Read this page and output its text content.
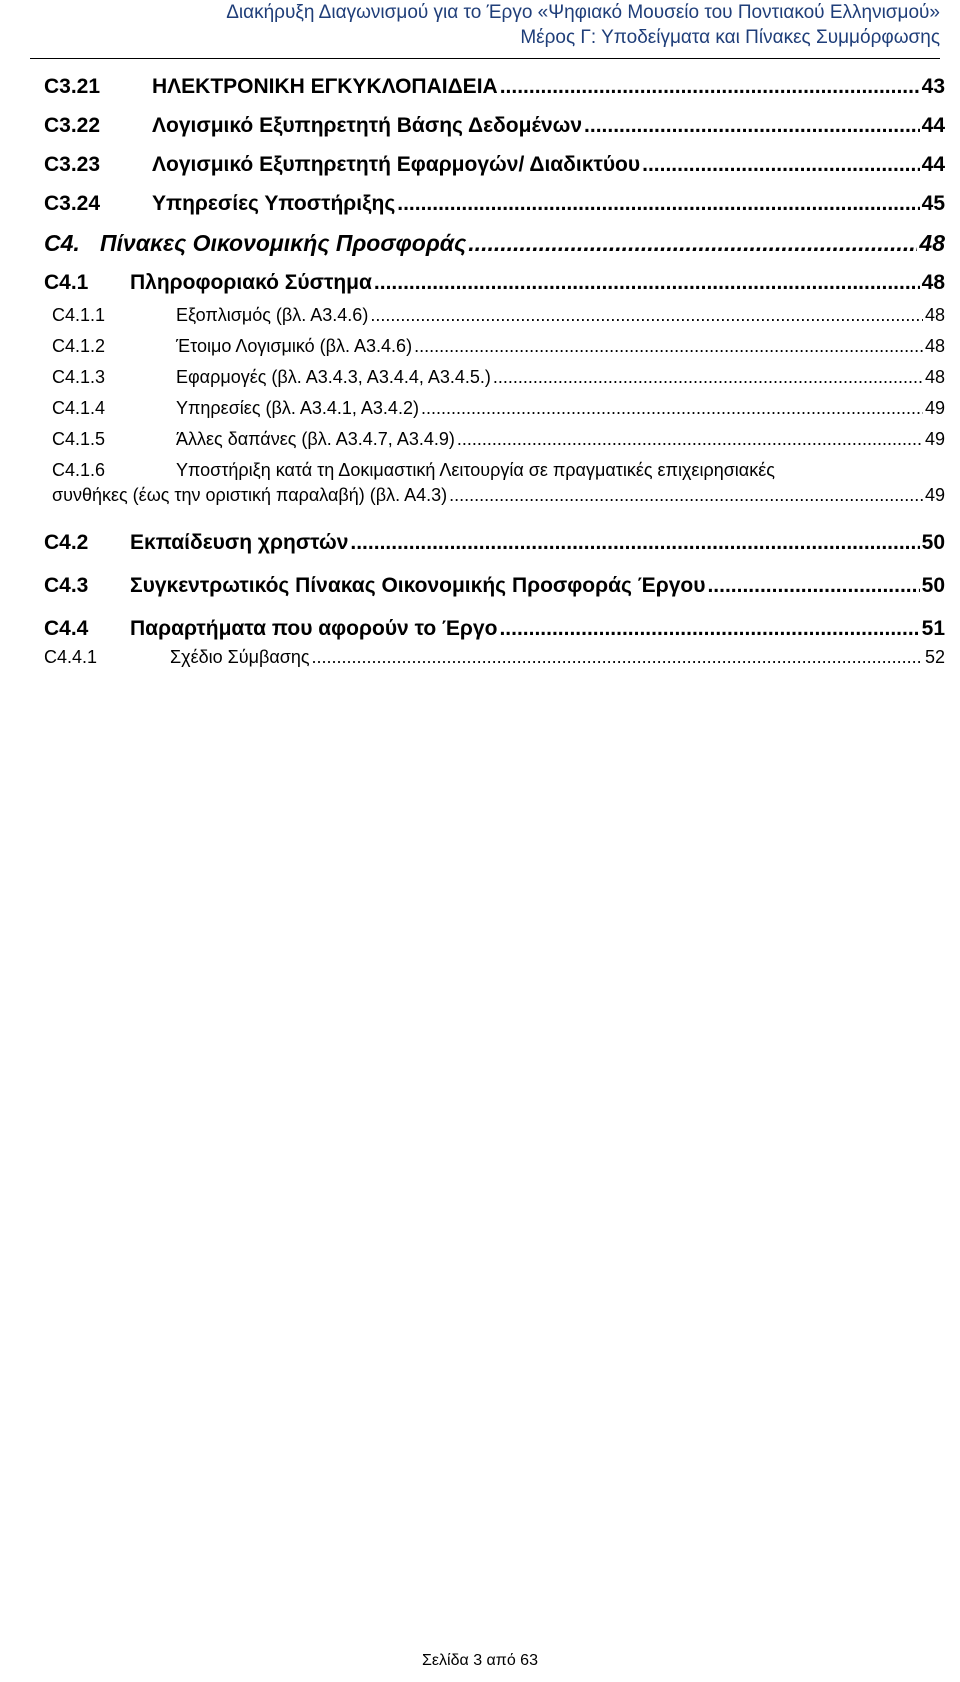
Διακήρυξη Διαγωνισμού για το Έργο «Ψηφιακό Μουσείο του Ποντιακού Ελληνισμού»
Μέρος Γ: Υποδείγματα και Πίνακες Συμμόρφωσης
C3.21	ΗΛΕΚΤΡΟΝΙΚΗ ΕΓΚΥΚΛΟΠΑΙΔΕΙΑ .....	43
C3.22	Λογισμικό Εξυπηρετητή Βάσης Δεδομένων .....	44
C3.23	Λογισμικό Εξυπηρετητή Εφαρμογών/ Διαδικτύου .....	44
C3.24	Υπηρεσίες Υποστήριξης .....	45
C4. Πίνακες Οικονομικής Προσφοράς .....	48
C4.1	Πληροφοριακό Σύστημα .....	48
C4.1.1	Εξοπλισμός (βλ. Α3.4.6) .....	48
C4.1.2	Έτοιμο Λογισμικό (βλ. Α3.4.6) .....	48
C4.1.3	Εφαρμογές (βλ. Α3.4.3, Α3.4.4, Α3.4.5.) .....	48
C4.1.4	Υπηρεσίες (βλ. Α3.4.1, Α3.4.2) .....	49
C4.1.5	Άλλες δαπάνες (βλ. Α3.4.7, Α3.4.9) .....	49
C4.1.6	Υποστήριξη κατά τη Δοκιμαστική Λειτουργία σε πραγματικές επιχειρησιακές
συνθήκες (έως την οριστική παραλαβή) (βλ. Α4.3) .....	49
C4.2	Εκπαίδευση χρηστών .....	50
C4.3	Συγκεντρωτικός Πίνακας Οικονομικής Προσφοράς Έργου .....	50
C4.4	Παραρτήματα που αφορούν το Έργο .....	51
C4.4.1	Σχέδιο Σύμβασης .....	52
Σελίδα 3 από 63
